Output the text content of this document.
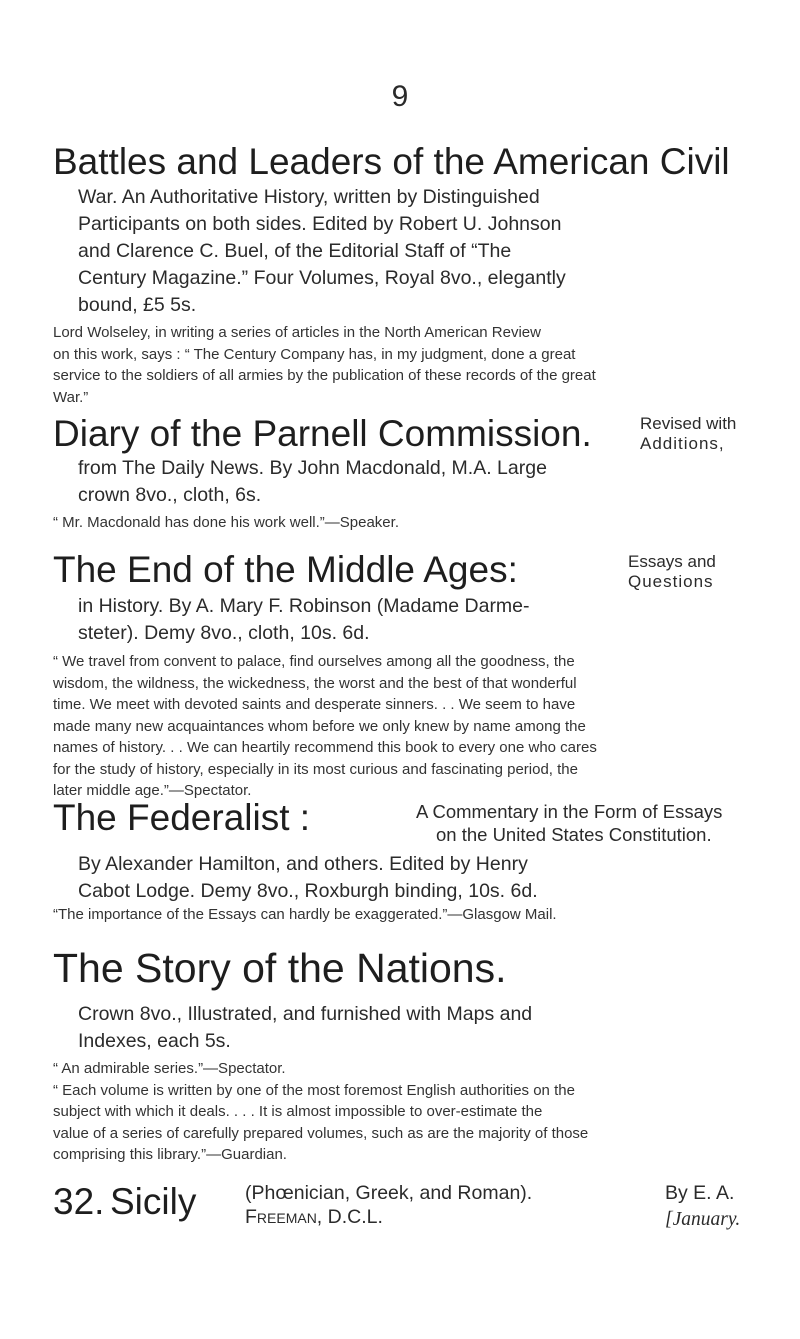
9
Battles and Leaders of the American Civil
War. An Authoritative History, written by Distinguished
Participants on both sides. Edited by Robert U. Johnson
and Clarence C. Buel, of the Editorial Staff of “The
Century Magazine.” Four Volumes, Royal 8vo., elegantly
bound, £5 5s.
Lord Wolseley, in writing a series of articles in the North American Review
on this work, says : “ The Century Company has, in my judgment, done a great
service to the soldiers of all armies by the publication of these records of the great
War.”
Diary of the Parnell Commission.	Revised with
Additions,
from The Daily News. By John Macdonald, M.A. Large
crown 8vo., cloth, 6s.
“ Mr. Macdonald has done his work well.”—Speaker.
The End of the Middle Ages:	Essays and
Questions
in History. By A. Mary F. Robinson (Madame Darme-
steter). Demy 8vo., cloth, 10s. 6d.
“ We travel from convent to palace, find ourselves among all the goodness, the
wisdom, the wildness, the wickedness, the worst and the best of that wonderful
time. We meet with devoted saints and desperate sinners. . . We seem to have
made many new acquaintances whom before we only knew by name among the
names of history. . . We can heartily recommend this book to every one who cares
for the study of history, especially in its most curious and fascinating period, the
later middle age.”—Spectator.
The Federalist :	A Commentary in the Form of Essays
on the United States Constitution.
By Alexander Hamilton, and others. Edited by Henry
Cabot Lodge. Demy 8vo., Roxburgh binding, 10s. 6d.
“The importance of the Essays can hardly be exaggerated.”—Glasgow Mail.
The Story of the Nations.
Crown 8vo., Illustrated, and furnished with Maps and
Indexes, each 5s.
“ An admirable series.”—Spectator.
“ Each volume is written by one of the most foremost English authorities on the
subject with which it deals. . . . It is almost impossible to over-estimate the
value of a series of carefully prepared volumes, such as are the majority of those
comprising this library.”—Guardian.
32. Sicily (Phœnician, Greek, and Roman).
Freeman, D.C.L.
By E. A.
[January.
